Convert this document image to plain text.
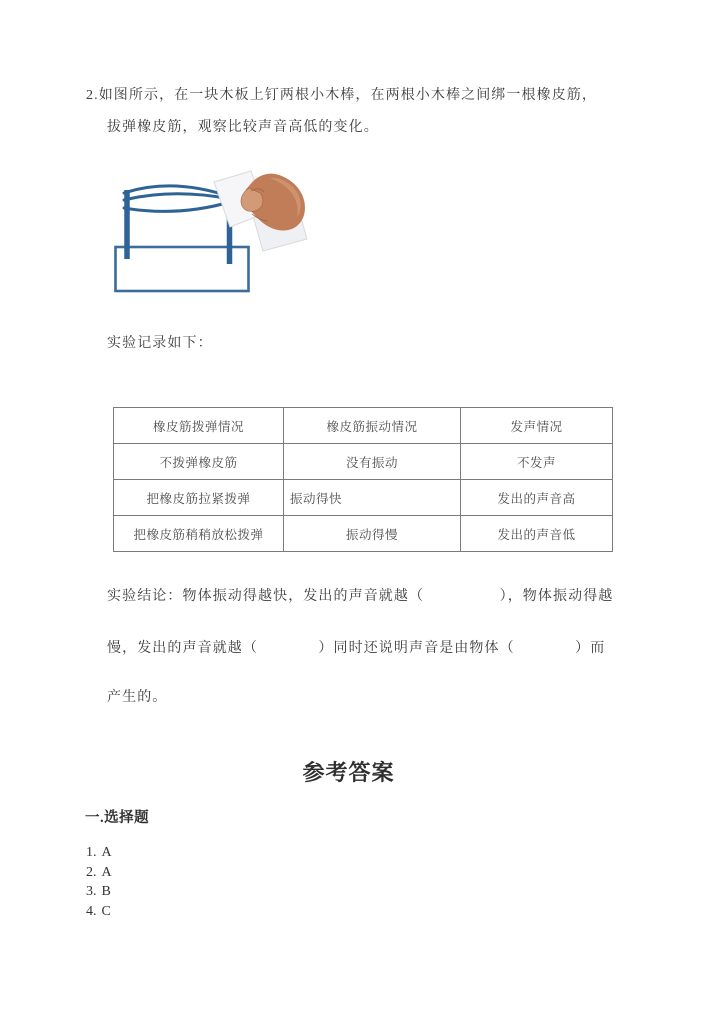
2.如图所示，在一块木板上钉两根小木棒，在两根小木棒之间绑一根橡皮筋，
拔弹橡皮筋，观察比较声音高低的变化。
实验记录如下：
橡皮筋拨弹情况	橡皮筋振动情况	发声情况
不拨弹橡皮筋	没有振动	不发声
把橡皮筋拉紧拨弹	振动得快	发出的声音高
把橡皮筋稍稍放松拨弹	振动得慢	发出的声音低
实验结论：物体振动得越快，发出的声音就越（　　　　　），物体振动得越
慢，发出的声音就越（　　　　）同时还说明声音是由物体（　　　　）而
产生的。
参考答案
一.选择题
1. A
2. A
3. B
4. C
